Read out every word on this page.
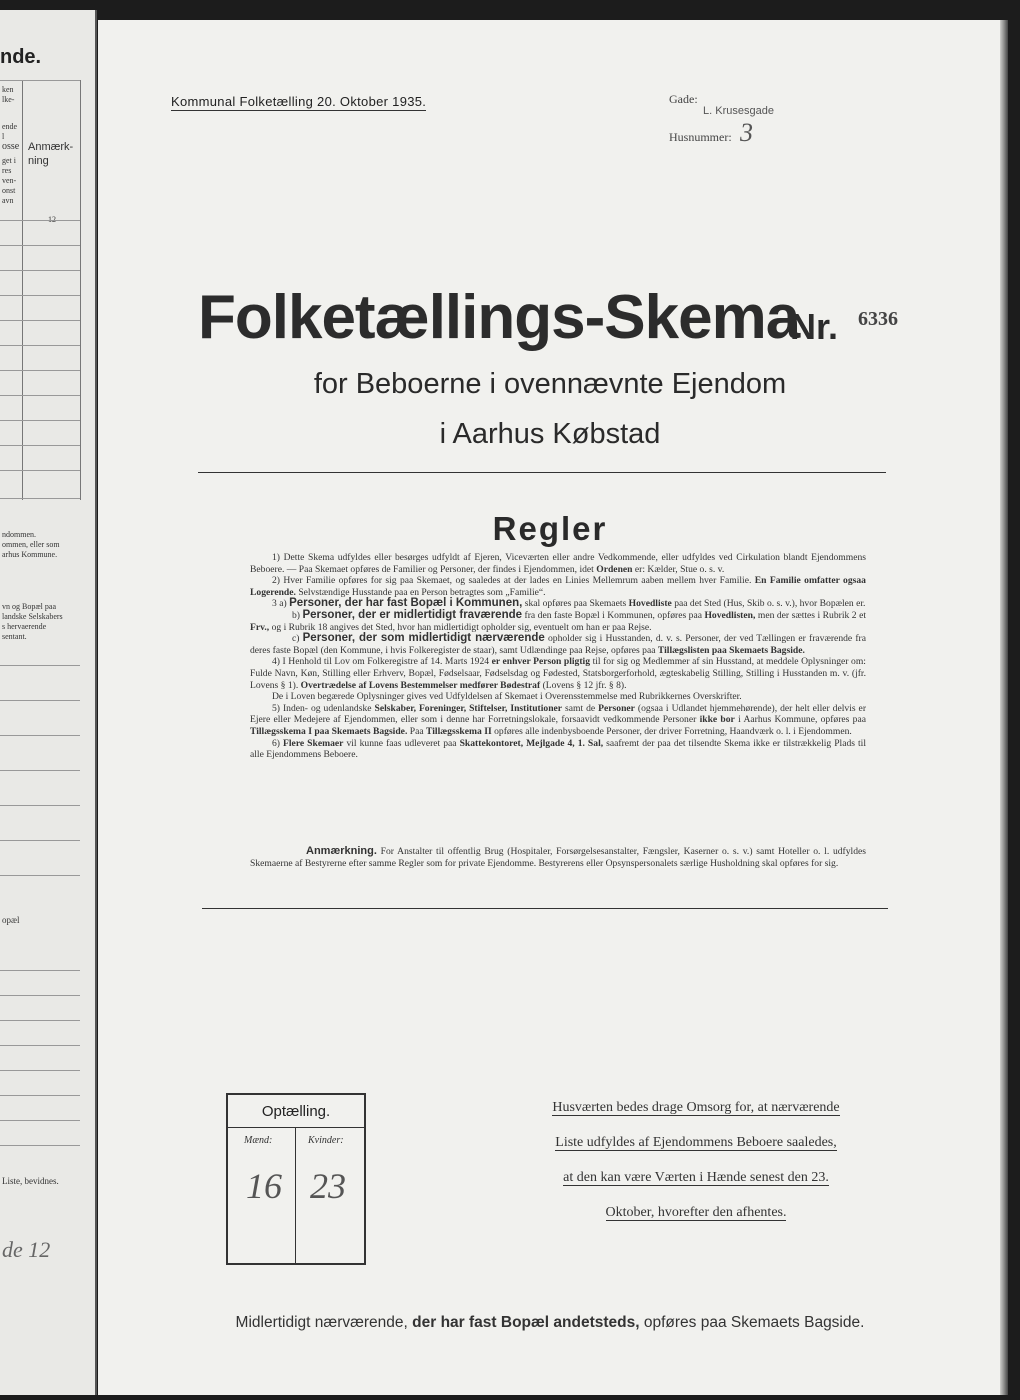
nde.
ken
lke-
ende
l
osse
get i
res
ven-
onst
avn
Anmærk-
ning
ndommen.
ommen, eller som
arhus Kommune.
vn og Bopæl paa
landske Selskabers
s hervaerende
sentant.
opæl
Liste, bevidnes.
de 12
Kommunal Folketælling 20. Oktober 1935.	Gade:
L. Krusesgade
Husnummer: 3
Folketællings-Skema
Nr. 6336
for Beboerne i ovennævnte Ejendom
i Aarhus Købstad
Regler

1) Dette Skema udfyldes eller besørges udfyldt af Ejeren, Viceværten eller andre Vedkommende, eller udfyldes ved Cirkulation blandt Ejendommens Beboere. — Paa Skemaet opføres de Familier og Personer, der findes i Ejendommen, idet Ordenen er: Kælder, Stue o. s. v.

2) Hver Familie opføres for sig paa Skemaet, og saaledes at der lades en Linies Mellemrum aaben mellem hver Familie. En Familie omfatter ogsaa Logerende. Selvstændige Husstande paa en Person betragtes som „Familie“.

3 a) Personer, der har fast Bopæl i Kommunen, skal opføres paa Skemaets Hovedliste paa det Sted (Hus, Skib o. s. v.), hvor Bopælen er.

b) Personer, der er midlertidigt fraværende fra den faste Bopæl i Kommunen, opføres paa Hovedlisten, men der sættes i Rubrik 2 et Frv., og i Rubrik 18 angives det Sted, hvor han midlertidigt opholder sig, eventuelt om han er paa Rejse.

c) Personer, der som midlertidigt nærværende opholder sig i Husstanden, d. v. s. Personer, der ved Tællingen er fraværende fra deres faste Bopæl (den Kommune, i hvis Folkeregister de staar), samt Udlændinge paa Rejse, opføres paa Tillægslisten paa Skemaets Bagside.

4) I Henhold til Lov om Folkeregistre af 14. Marts 1924 er enhver Person pligtig til for sig og Medlemmer af sin Husstand, at meddele Oplysninger om: Fulde Navn, Køn, Stilling eller Erhverv, Bopæl, Fødselsaar, Fødselsdag og Fødested, Statsborgerforhold, ægteskabelig Stilling, Stilling i Husstanden m. v. (jfr. Lovens § 1). Overtrædelse af Lovens Bestemmelser medfører Bødestraf (Lovens § 12 jfr. § 8).

De i Loven begærede Oplysninger gives ved Udfyldelsen af Skemaet i Overensstemmelse med Rubrikkernes Overskrifter.

5) Inden- og udenlandske Selskaber, Foreninger, Stiftelser, Institutioner samt de Personer (ogsaa i Udlandet hjemmehørende), der helt eller delvis er Ejere eller Medejere af Ejendommen, eller som i denne har Forretningslokale, forsaavidt vedkommende Personer ikke bor i Aarhus Kommune, opføres paa Tillægsskema I paa Skemaets Bagside. Paa Tillægsskema II opføres alle indenbysboende Personer, der driver Forretning, Haandværk o. l. i Ejendommen.

6) Flere Skemaer vil kunne faas udleveret paa Skattekontoret, Mejlgade 4, 1. Sal, saafremt der paa det tilsendte Skema ikke er tilstrækkelig Plads til alle Ejendommens Beboere.

Anmærkning. For Anstalter til offentlig Brug (Hospitaler, Forsørgelsesanstalter, Fængsler, Kaserner o. s. v.) samt Hoteller o. l. udfyldes Skemaerne af Bestyrerne efter samme Regler som for private Ejendomme. Bestyrerens eller Opsynspersonalets særlige Husholdning skal opføres for sig.

Optælling.
Mænd:	Kvinder:
16 23
Husværten bedes drage Omsorg for, at nærværende
Liste udfyldes af Ejendommens Beboere saaledes,
at den kan være Værten i Hænde senest den 23.
Oktober, hvorefter den afhentes.
Midlertidigt nærværende, der har fast Bopæl andetsteds, opføres paa Skemaets Bagside.
